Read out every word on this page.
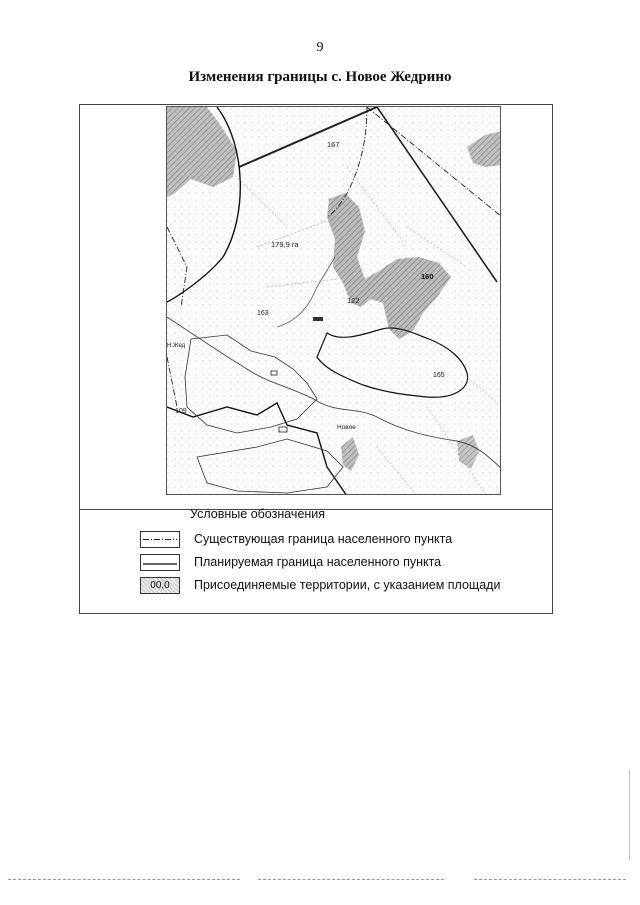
9
Изменения границы с. Новое Жедрино
167
179,9 га
160
122
163
Н.Жед
165
109
Новое
Условные обозначения
Существующая граница населенного пункта
Планируемая граница населенного пункта
00,0	Присоединяемые территории, с указанием площади
